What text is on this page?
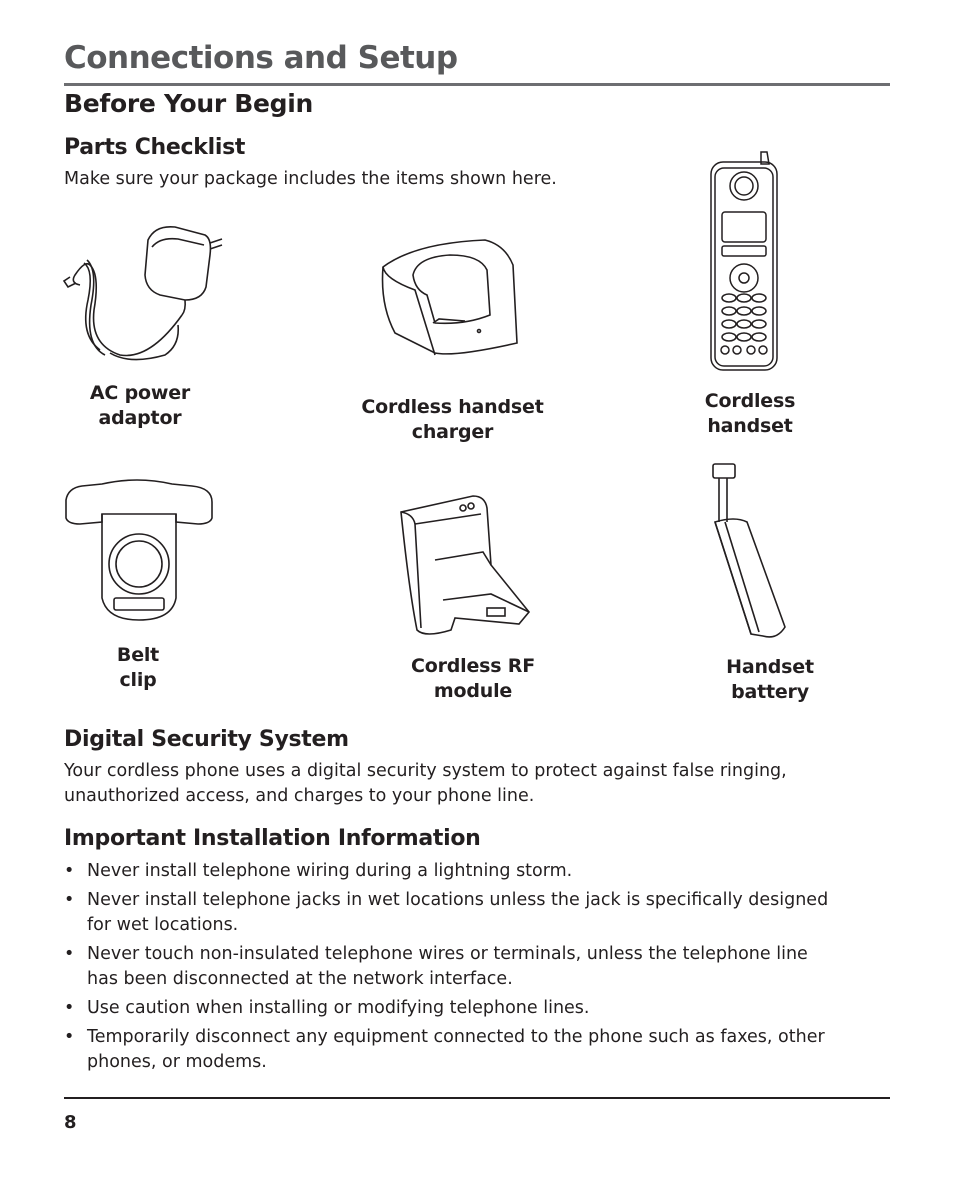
Connections and Setup
Before Your Begin
Parts Checklist
Make sure your package includes the items shown here.
AC power
adaptor	Cordless handset
charger
Cordless
handset
Belt
clip
Cordless RF
module
Handset
battery
Digital Security System
Your cordless phone uses a digital security system to protect against false ringing,
unauthorized access, and charges to your phone line.
Important Installation Information
• Never install telephone wiring during a lightning storm.
• Never install telephone jacks in wet locations unless the jack is specifically designed
for wet locations.
• Never touch non-insulated telephone wires or terminals, unless the telephone line
has been disconnected at the network interface.
• Use caution when installing or modifying telephone lines.
• Temporarily disconnect any equipment connected to the phone such as faxes, other
phones, or modems.
8
